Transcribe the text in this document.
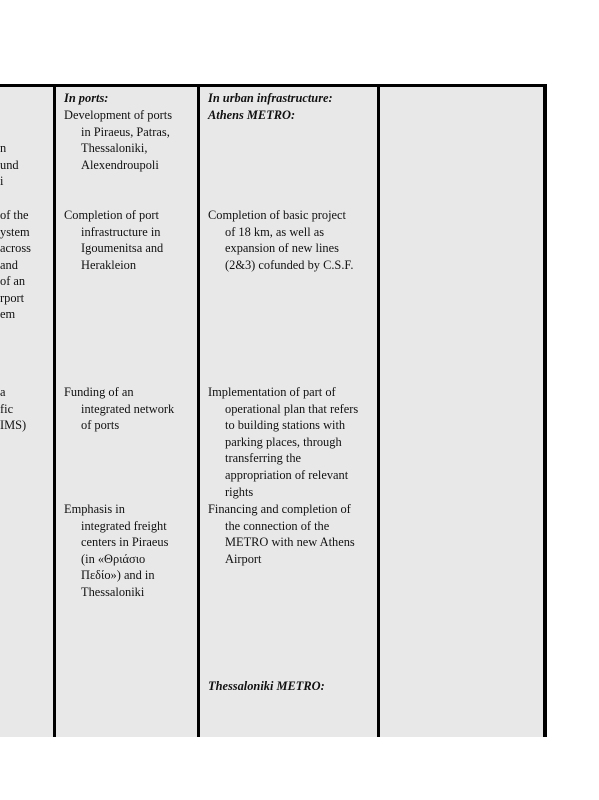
n
und
i
of the
ystem
across
and
of an
rport
em
a
fic
IMS)
In ports:
Development of ports
in Piraeus, Patras,
Thessaloniki,
Alexendroupoli
Completion of port
infrastructure in
Igoumenitsa and
Herakleion
Funding of an
integrated network
of ports
Emphasis in
integrated freight
centers in Piraeus
(in «Θριάσιο
Πεδίο») and in
Thessaloniki
In urban infrastructure:
Athens METRO:
Completion of basic project
of 18 km, as well as
expansion of new lines
(2&3) cofunded by C.S.F.
Implementation of part of
operational plan that refers
to building stations with
parking places, through
transferring the
appropriation of relevant
rights
Financing and completion of
the connection of the
METRO with new Athens
Airport
Thessaloniki METRO:
